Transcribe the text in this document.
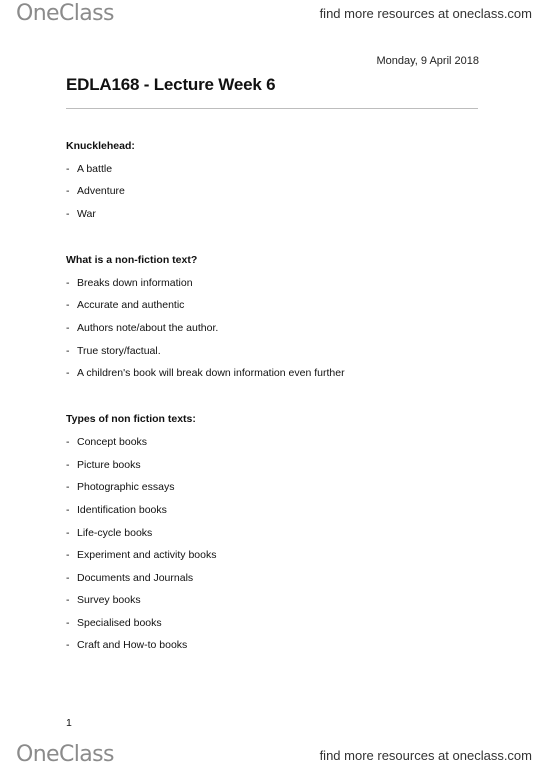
OneClass	find more resources at oneclass.com
Monday, 9 April 2018
EDLA168 - Lecture Week 6
Knucklehead:
- A battle
- Adventure
- War
What is a non-fiction text?
- Breaks down information
- Accurate and authentic
- Authors note/about the author.
- True story/factual.
- A children's book will break down information even further
Types of non fiction texts:
- Concept books
- Picture books
- Photographic essays
- Identification books
- Life-cycle books
- Experiment and activity books
- Documents and Journals
- Survey books
- Specialised books
- Craft and How-to books
1
OneClass	find more resources at oneclass.com
